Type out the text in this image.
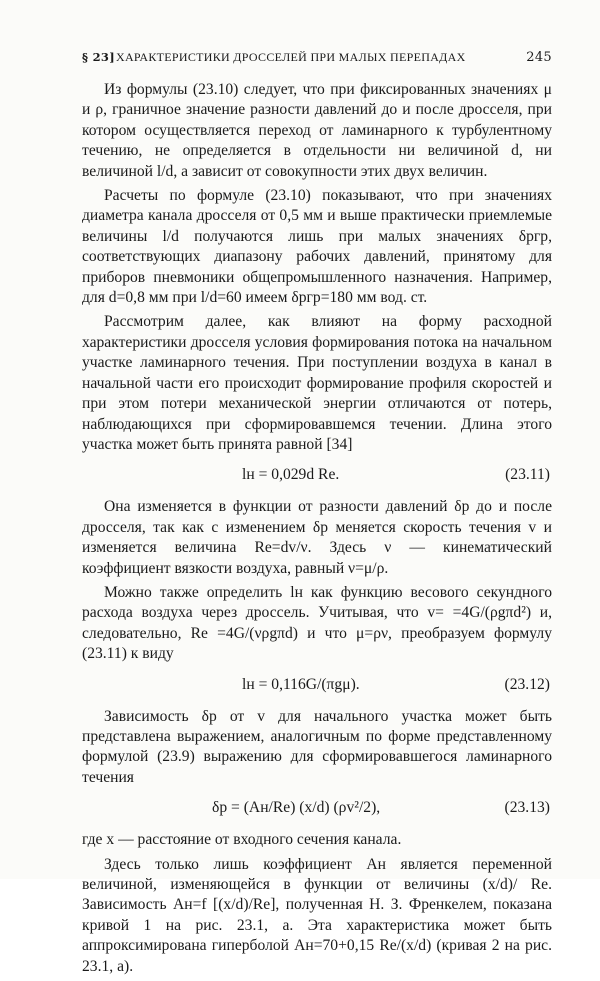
§ 23] ХАРАКТЕРИСТИКИ ДРОССЕЛЕЙ ПРИ МАЛЫХ ПЕРЕПАДАХ	245

Из формулы (23.10) следует, что при фиксированных значениях μ и ρ, граничное значение разности давлений до и после дросселя, при котором осуществляется переход от ламинарного к турбулентному течению, не определяется в отдельности ни величиной d, ни величиной l/d, а зависит от совокупности этих двух величин.

Расчеты по формуле (23.10) показывают, что при значениях диаметра канала дросселя от 0,5 мм и выше практически приемлемые величины l/d получаются лишь при малых значениях δpгр, соответствующих диапазону рабочих давлений, принятому для приборов пневмоники общепромышленного назначения. Например, для d=0,8 мм при l/d=60 имеем δpгр=180 мм вод. ст.

Рассмотрим далее, как влияют на форму расходной характеристики дросселя условия формирования потока на начальном участке ламинарного течения. При поступлении воздуха в канал в начальной части его происходит формирование профиля скоростей и при этом потери механической энергии отличаются от потерь, наблюдающихся при сформировавшемся течении. Длина этого участка может быть принята равной [34]

lн = 0,029d Re.	(23.11)

Она изменяется в функции от разности давлений δp до и после дросселя, так как с изменением δp меняется скорость течения v и изменяется величина Re=dv/ν. Здесь ν — кинематический коэффициент вязкости воздуха, равный ν=μ/ρ.

Можно также определить lн как функцию весового секундного расхода воздуха через дроссель. Учитывая, что v= =4G/(ρgπd²) и, следовательно, Re =4G/(νρgπd) и что μ=ρν, преобразуем формулу (23.11) к виду

lн = 0,116G/(πgμ).	(23.12)

Зависимость δp от v для начального участка может быть представлена выражением, аналогичным по форме представленному формулой (23.9) выражению для сформировавшегося ламинарного течения

δp = (Aн/Re) (x/d) (ρv²/2),	(23.13)

где x — расстояние от входного сечения канала.

Здесь только лишь коэффициент Aн является переменной величиной, изменяющейся в функции от величины (x/d)/ Re. Зависимость Aн=f [(x/d)/Re], полученная Н. З. Френкелем, показана кривой 1 на рис. 23.1, a. Эта характеристика может быть аппроксимирована гиперболой Aн=70+0,15 Re/(x/d) (кривая 2 на рис. 23.1, a).
